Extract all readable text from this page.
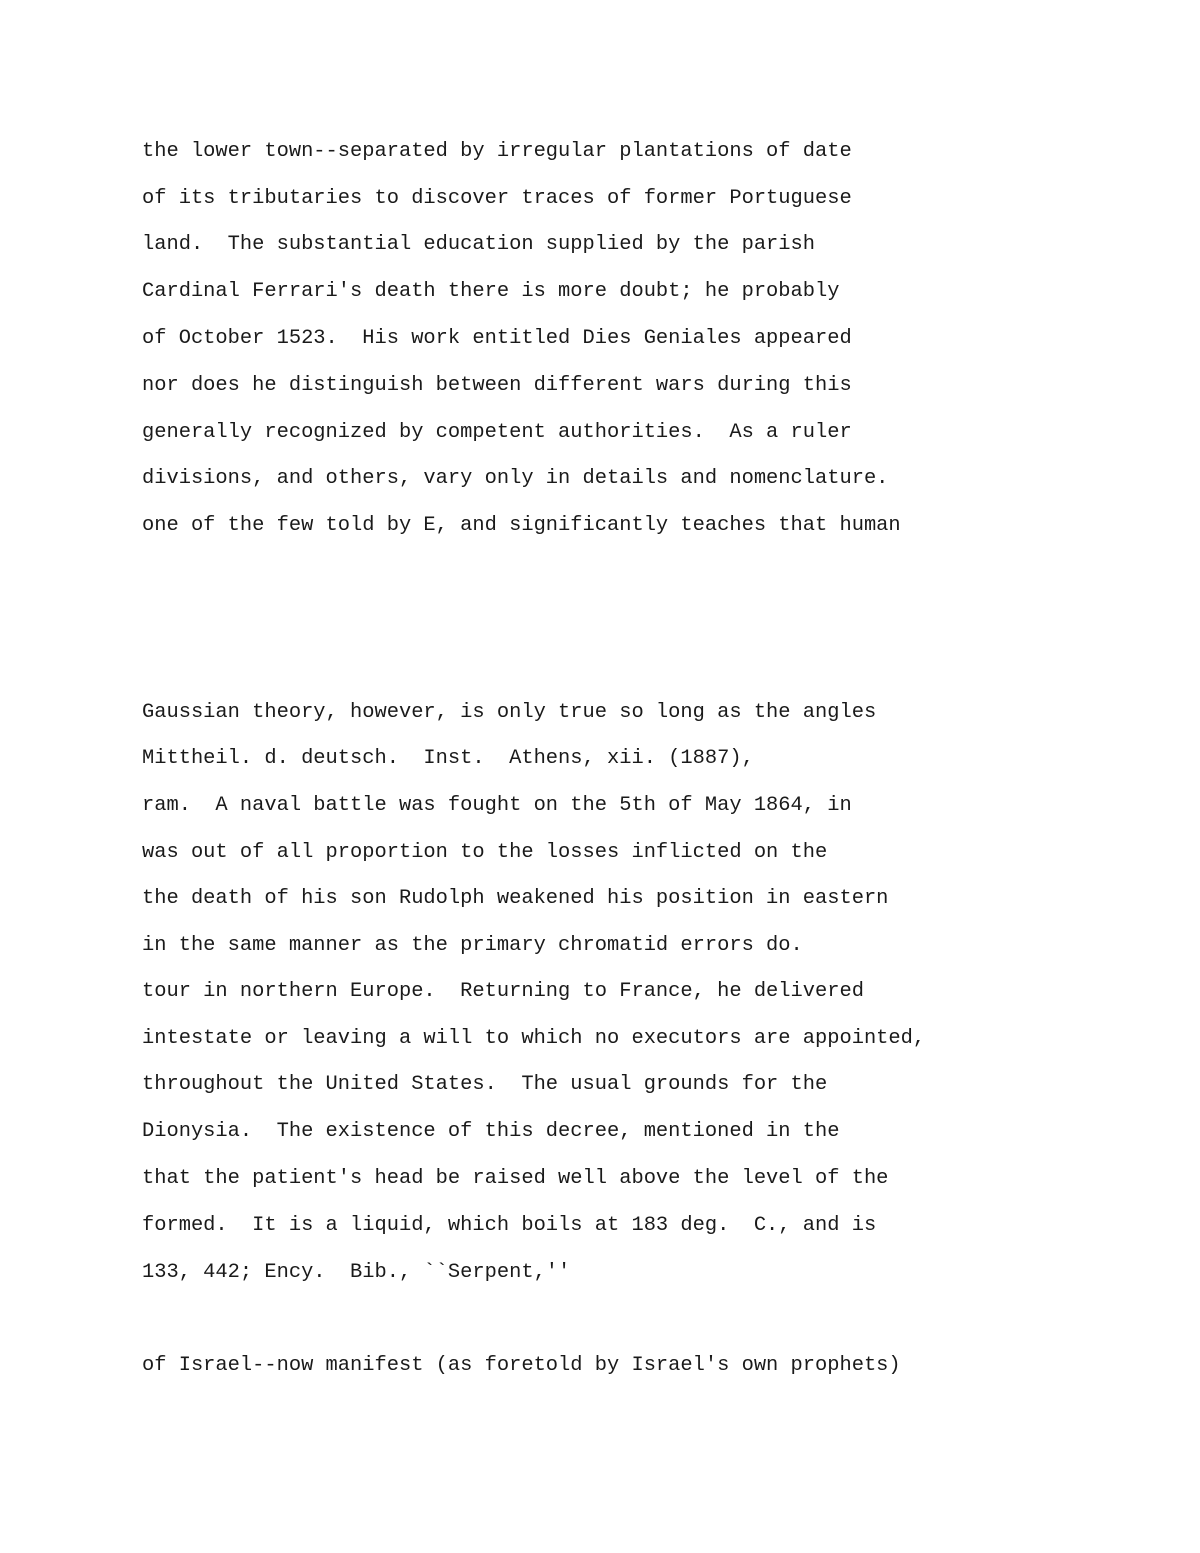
the lower town--separated by irregular plantations of date
of its tributaries to discover traces of former Portuguese
land.  The substantial education supplied by the parish
Cardinal Ferrari's death there is more doubt; he probably
of October 1523.  His work entitled Dies Geniales appeared
nor does he distinguish between different wars during this
generally recognized by competent authorities.  As a ruler
divisions, and others, vary only in details and nomenclature.
one of the few told by E, and significantly teaches that human
Gaussian theory, however, is only true so long as the angles
Mittheil. d. deutsch.  Inst.  Athens, xii. (1887),
ram.  A naval battle was fought on the 5th of May 1864, in
was out of all proportion to the losses inflicted on the
the death of his son Rudolph weakened his position in eastern
in the same manner as the primary chromatid errors do.
tour in northern Europe.  Returning to France, he delivered
intestate or leaving a will to which no executors are appointed,
throughout the United States.  The usual grounds for the
Dionysia.  The existence of this decree, mentioned in the
that the patient's head be raised well above the level of the
formed.  It is a liquid, which boils at 183 deg.  C., and is
133, 442; Ency.  Bib., ``Serpent,''
of Israel--now manifest (as foretold by Israel's own prophets)
